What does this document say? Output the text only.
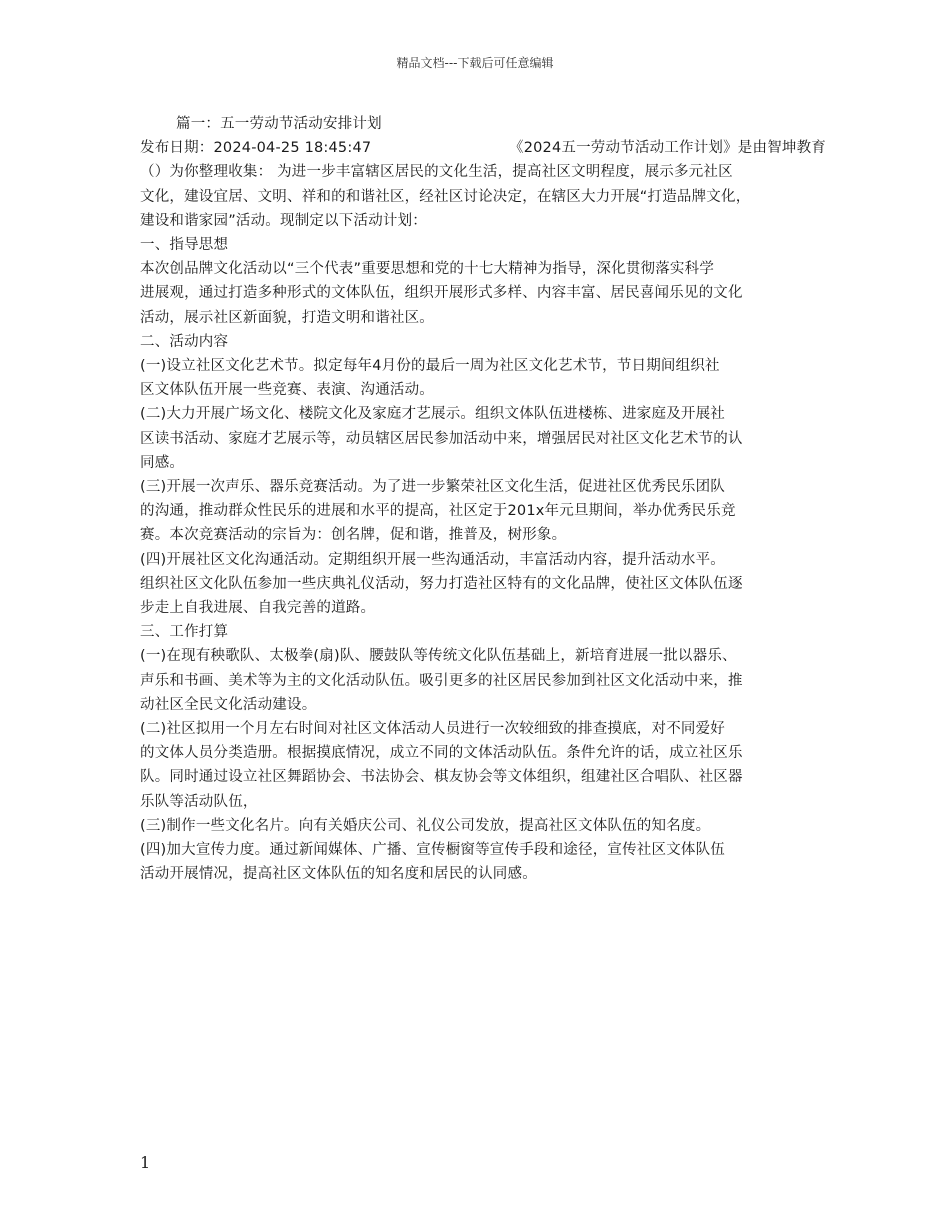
精品文档---下载后可任意编辑
篇一：五一劳动节活动安排计划
发布日期：2024-04-25 18:45:47	《2024五一劳动节活动工作计划》是由智坤教育
（）为你整理收集： 为进一步丰富辖区居民的文化生活，提高社区文明程度，展示多元社区
文化，建设宜居、文明、祥和的和谐社区，经社区讨论决定，在辖区大力开展“打造品牌文化，
建设和谐家园”活动。现制定以下活动计划：
一、指导思想
本次创品牌文化活动以“三个代表”重要思想和党的十七大精神为指导，深化贯彻落实科学
进展观，通过打造多种形式的文体队伍，组织开展形式多样、内容丰富、居民喜闻乐见的文化
活动，展示社区新面貌，打造文明和谐社区。
二、活动内容
(一)设立社区文化艺术节。拟定每年4月份的最后一周为社区文化艺术节，节日期间组织社
区文体队伍开展一些竞赛、表演、沟通活动。
(二)大力开展广场文化、楼院文化及家庭才艺展示。组织文体队伍进楼栋、进家庭及开展社
区读书活动、家庭才艺展示等，动员辖区居民参加活动中来，增强居民对社区文化艺术节的认
同感。
(三)开展一次声乐、器乐竞赛活动。为了进一步繁荣社区文化生活，促进社区优秀民乐团队
的沟通，推动群众性民乐的进展和水平的提高，社区定于201x年元旦期间，举办优秀民乐竞
赛。本次竞赛活动的宗旨为：创名牌，促和谐，推普及，树形象。
(四)开展社区文化沟通活动。定期组织开展一些沟通活动，丰富活动内容，提升活动水平。
组织社区文化队伍参加一些庆典礼仪活动，努力打造社区特有的文化品牌，使社区文体队伍逐
步走上自我进展、自我完善的道路。
三、工作打算
(一)在现有秧歌队、太极拳(扇)队、腰鼓队等传统文化队伍基础上，新培育进展一批以器乐、
声乐和书画、美术等为主的文化活动队伍。吸引更多的社区居民参加到社区文化活动中来，推
动社区全民文化活动建设。
(二)社区拟用一个月左右时间对社区文体活动人员进行一次较细致的排查摸底，对不同爱好
的文体人员分类造册。根据摸底情况，成立不同的文体活动队伍。条件允许的话，成立社区乐
队。同时通过设立社区舞蹈协会、书法协会、棋友协会等文体组织，组建社区合唱队、社区器
乐队等活动队伍，
(三)制作一些文化名片。向有关婚庆公司、礼仪公司发放，提高社区文体队伍的知名度。
(四)加大宣传力度。通过新闻媒体、广播、宣传橱窗等宣传手段和途径，宣传社区文体队伍
活动开展情况，提高社区文体队伍的知名度和居民的认同感。
1
